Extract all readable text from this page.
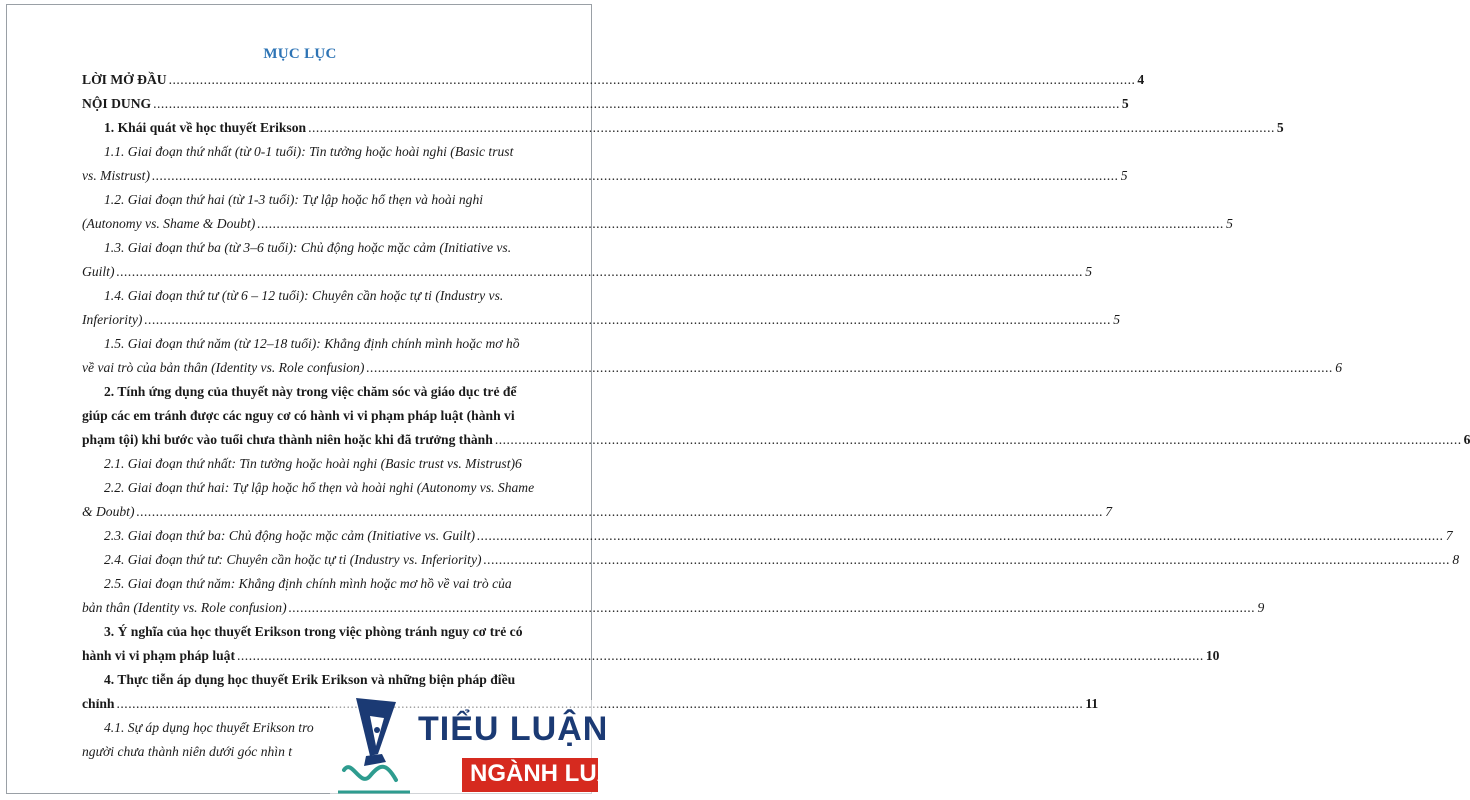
MỤC LỤC
LỜI MỞ ĐẦU .....	4
NỘI DUNG .....	5
1. Khái quát về học thuyết Erikson .....	5
1.1. Giai đoạn thứ nhất (từ 0-1 tuổi): Tin tưởng hoặc hoài nghi (Basic trust
vs. Mistrust) .....	5
1.2. Giai đoạn thứ hai (từ 1-3 tuổi): Tự lập hoặc hổ thẹn và hoài nghi
(Autonomy vs. Shame & Doubt) .....	5
1.3. Giai đoạn thứ ba (từ 3–6 tuổi): Chủ động hoặc mặc cảm (Initiative vs.
Guilt) .....	5
1.4. Giai đoạn thứ tư (từ 6 – 12 tuổi): Chuyên cần hoặc tự ti (Industry vs.
Inferiority) .....	5
1.5. Giai đoạn thứ năm (từ 12–18 tuổi): Khẳng định chính mình hoặc mơ hồ
về vai trò của bản thân (Identity vs. Role confusion) .....	6
2. Tính ứng dụng của thuyết này trong việc chăm sóc và giáo dục trẻ để
giúp các em tránh được các nguy cơ có hành vi vi phạm pháp luật (hành vi
phạm tội) khi bước vào tuổi chưa thành niên hoặc khi đã trưởng thành .....	6
2.1. Giai đoạn thứ nhất: Tin tưởng hoặc hoài nghi (Basic trust vs. Mistrust) 6
2.2. Giai đoạn thứ hai: Tự lập hoặc hổ thẹn và hoài nghi (Autonomy vs. Shame
& Doubt) .....	7
2.3. Giai đoạn thứ ba: Chủ động hoặc mặc cảm (Initiative vs. Guilt) .....	7
2.4. Giai đoạn thứ tư: Chuyên cần hoặc tự ti (Industry vs. Inferiority) .....	8
2.5. Giai đoạn thứ năm: Khẳng định chính mình hoặc mơ hồ về vai trò của
bản thân (Identity vs. Role confusion) .....	9
3. Ý nghĩa của học thuyết Erikson trong việc phòng tránh nguy cơ trẻ có
hành vi vi phạm pháp luật .....	10
4. Thực tiễn áp dụng học thuyết Erik Erikson và những biện pháp điều
chỉnh .....	11
4.1. Sự áp dụng học thuyết Erikson tro
người chưa thành niên dưới góc nhìn t
TIỂU LUẬN
NGÀNH LUẬT
